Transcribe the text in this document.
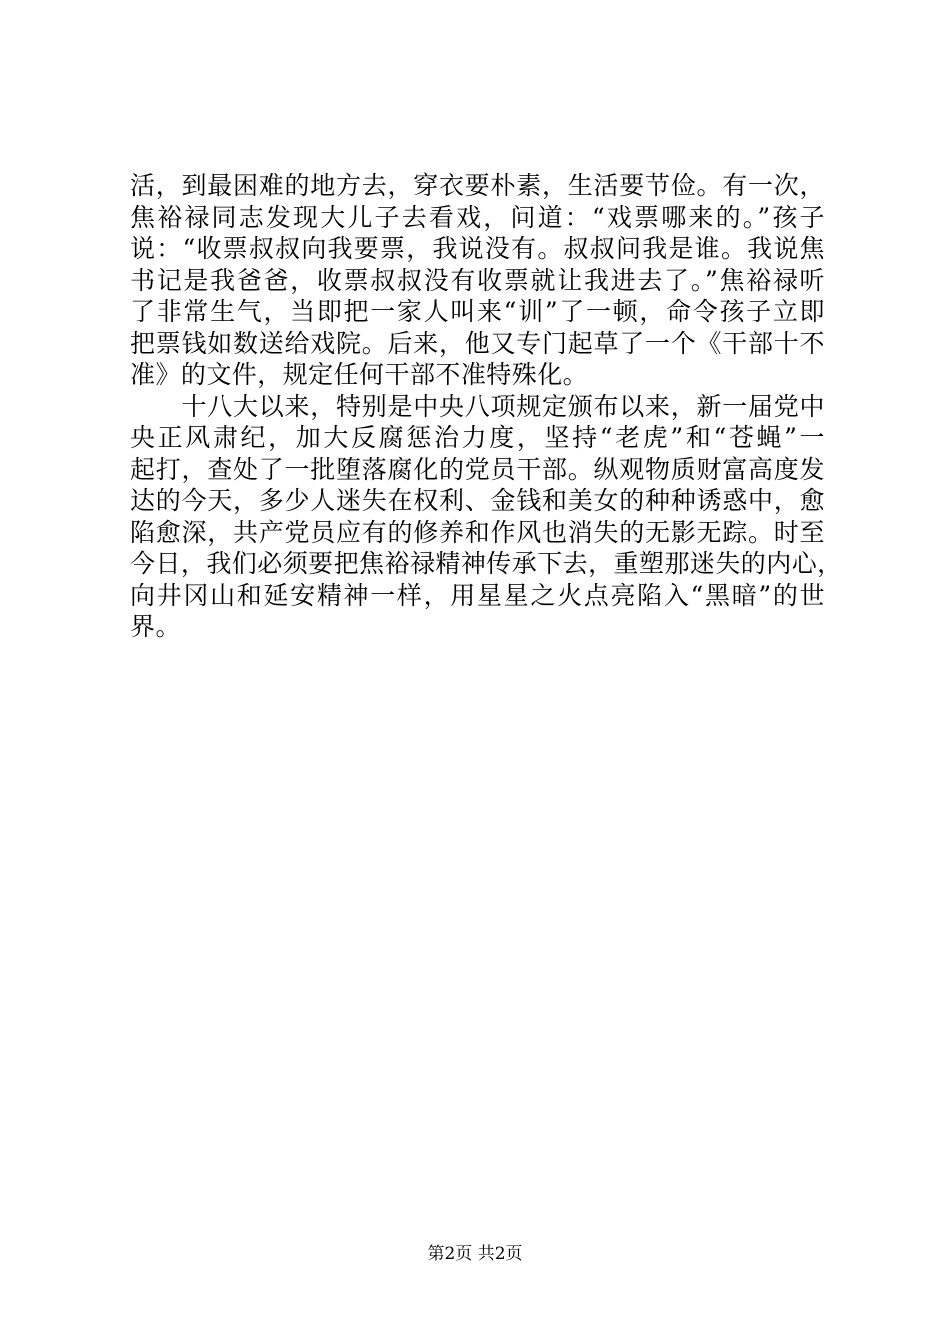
活，到最困难的地方去，穿衣要朴素，生活要节俭。有一次，
焦裕禄同志发现大儿子去看戏，问道：“戏票哪来的。”孩子
说：“收票叔叔向我要票，我说没有。叔叔问我是谁。我说焦
书记是我爸爸，收票叔叔没有收票就让我进去了。”焦裕禄听
了非常生气，当即把一家人叫来“训”了一顿，命令孩子立即
把票钱如数送给戏院。后来，他又专门起草了一个《干部十不
准》的文件，规定任何干部不准特殊化。
　　十八大以来，特别是中央八项规定颁布以来，新一届党中
央正风肃纪，加大反腐惩治力度，坚持“老虎”和“苍蝇”一
起打，查处了一批堕落腐化的党员干部。纵观物质财富高度发
达的今天，多少人迷失在权利、金钱和美女的种种诱惑中，愈
陷愈深，共产党员应有的修养和作风也消失的无影无踪。时至
今日，我们必须要把焦裕禄精神传承下去，重塑那迷失的内心，
向井冈山和延安精神一样，用星星之火点亮陷入“黑暗”的世
界。
第2页 共2页
